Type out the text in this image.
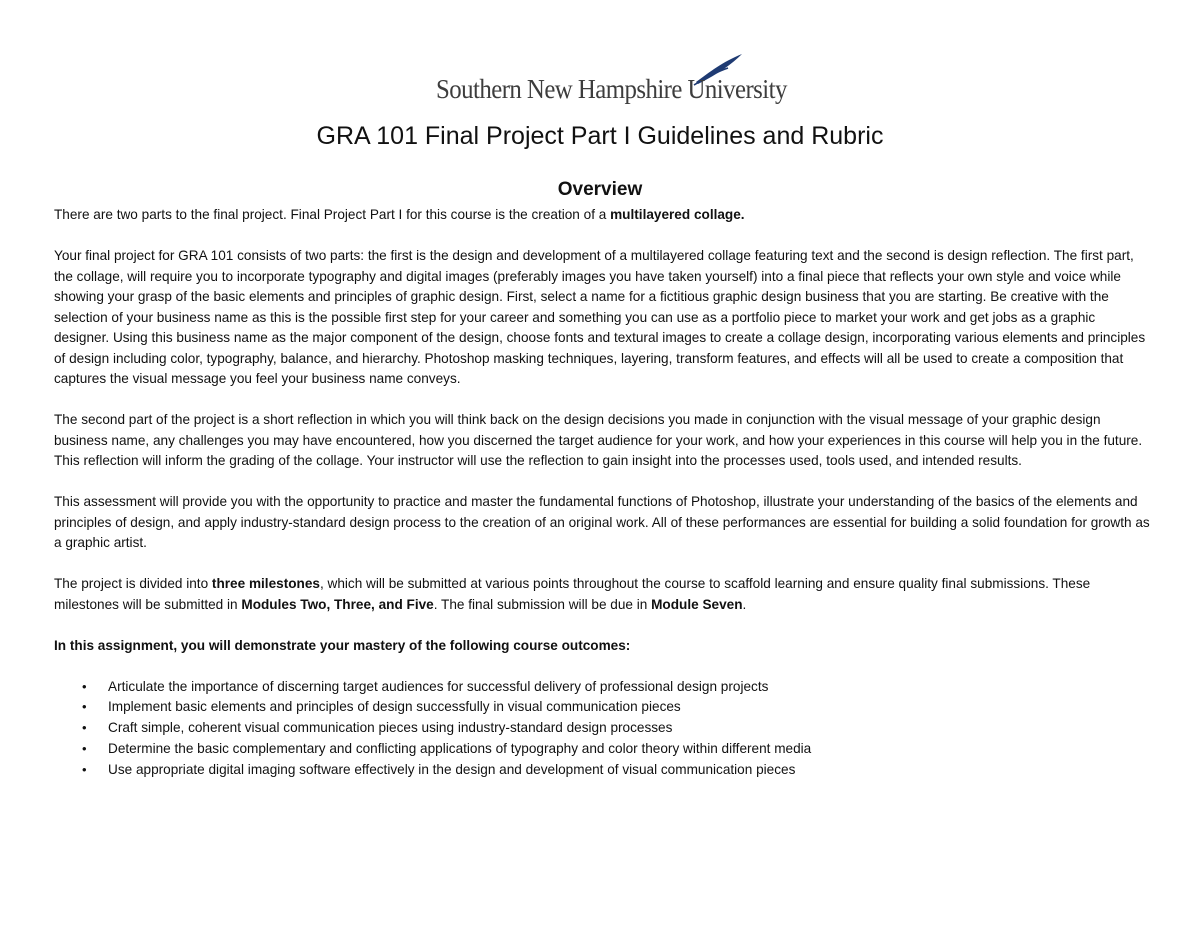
Southern New Hampshire University
GRA 101 Final Project Part I Guidelines and Rubric
Overview

There are two parts to the final project. Final Project Part I for this course is the creation of a multilayered collage.

Your final project for GRA 101 consists of two parts: the first is the design and development of a multilayered collage featuring text and the second is design reflection. The first part, the collage, will require you to incorporate typography and digital images (preferably images you have taken yourself) into a final piece that reflects your own style and voice while showing your grasp of the basic elements and principles of graphic design. First, select a name for a fictitious graphic design business that you are starting. Be creative with the selection of your business name as this is the possible first step for your career and something you can use as a portfolio piece to market your work and get jobs as a graphic designer. Using this business name as the major component of the design, choose fonts and textural images to create a collage design, incorporating various elements and principles of design including color, typography, balance, and hierarchy. Photoshop masking techniques, layering, transform features, and effects will all be used to create a composition that captures the visual message you feel your business name conveys.

The second part of the project is a short reflection in which you will think back on the design decisions you made in conjunction with the visual message of your graphic design business name, any challenges you may have encountered, how you discerned the target audience for your work, and how your experiences in this course will help you in the future. This reflection will inform the grading of the collage. Your instructor will use the reflection to gain insight into the processes used, tools used, and intended results.

This assessment will provide you with the opportunity to practice and master the fundamental functions of Photoshop, illustrate your understanding of the basics of the elements and principles of design, and apply industry-standard design process to the creation of an original work. All of these performances are essential for building a solid foundation for growth as a graphic artist.

The project is divided into three milestones, which will be submitted at various points throughout the course to scaffold learning and ensure quality final submissions. These milestones will be submitted in Modules Two, Three, and Five. The final submission will be due in Module Seven.

In this assignment, you will demonstrate your mastery of the following course outcomes:

• Articulate the importance of discerning target audiences for successful delivery of professional design projects
• Implement basic elements and principles of design successfully in visual communication pieces
• Craft simple, coherent visual communication pieces using industry-standard design processes
• Determine the basic complementary and conflicting applications of typography and color theory within different media
• Use appropriate digital imaging software effectively in the design and development of visual communication pieces
